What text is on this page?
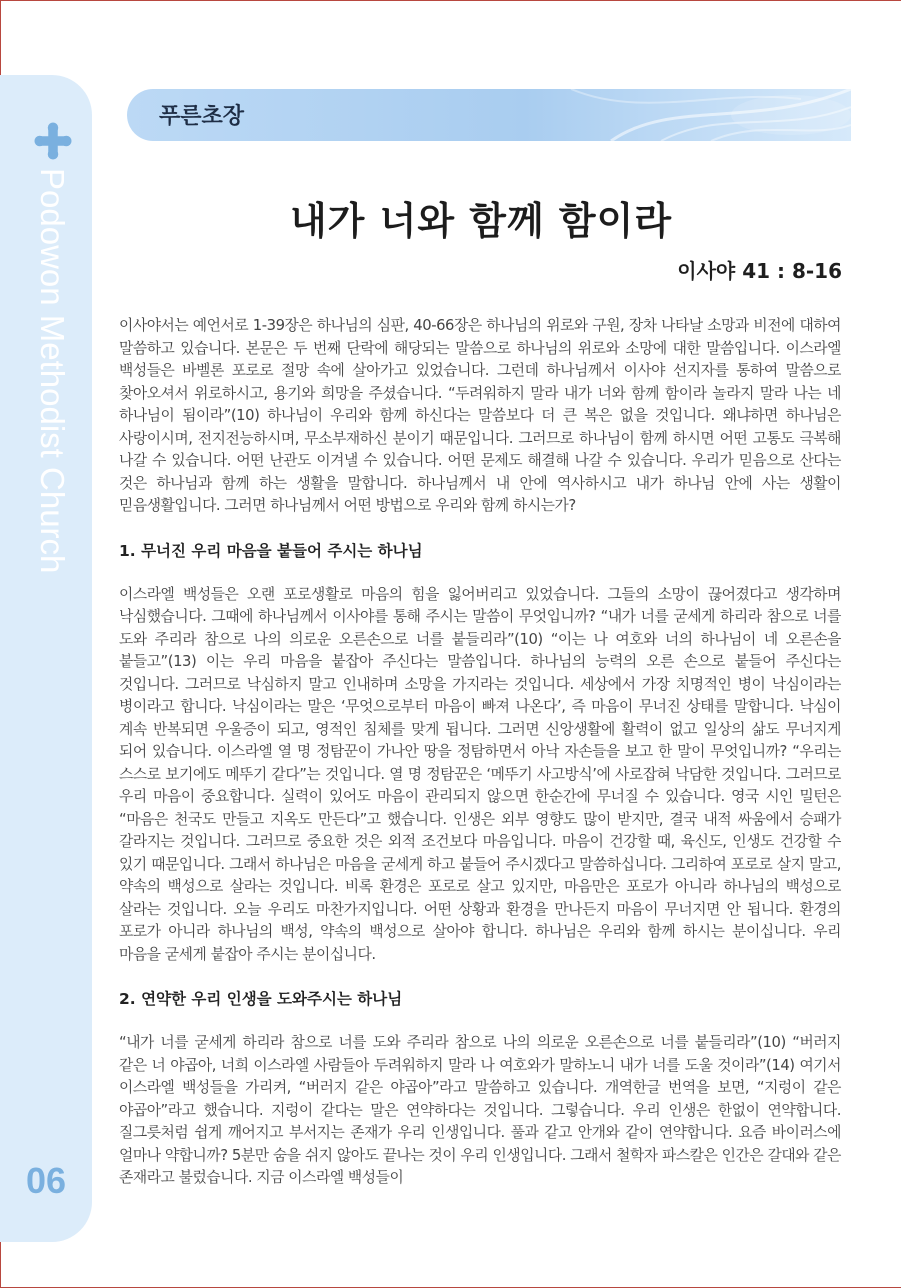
Podowon Methodist Church
06
푸른초장
내가 너와 함께 함이라
이사야 41 : 8-16

이사야서는 예언서로 1-39장은 하나님의 심판, 40-66장은 하나님의 위로와 구원, 장차 나타날 소망과 비전에 대하여 말씀하고 있습니다. 본문은 두 번째 단락에 해당되는 말씀으로 하나님의 위로와 소망에 대한 말씀입니다. 이스라엘 백성들은 바벨론 포로로 절망 속에 살아가고 있었습니다. 그런데 하나님께서 이사야 선지자를 통하여 말씀으로 찾아오셔서 위로하시고, 용기와 희망을 주셨습니다. “두려워하지 말라 내가 너와 함께 함이라 놀라지 말라 나는 네 하나님이 됨이라”(10) 하나님이 우리와 함께 하신다는 말씀보다 더 큰 복은 없을 것입니다. 왜냐하면 하나님은 사랑이시며, 전지전능하시며, 무소부재하신 분이기 때문입니다. 그러므로 하나님이 함께 하시면 어떤 고통도 극복해 나갈 수 있습니다. 어떤 난관도 이겨낼 수 있습니다. 어떤 문제도 해결해 나갈 수 있습니다. 우리가 믿음으로 산다는 것은 하나님과 함께 하는 생활을 말합니다. 하나님께서 내 안에 역사하시고 내가 하나님 안에 사는 생활이 믿음생활입니다. 그러면 하나님께서 어떤 방법으로 우리와 함께 하시는가?

1. 무너진 우리 마음을 붙들어 주시는 하나님

이스라엘 백성들은 오랜 포로생활로 마음의 힘을 잃어버리고 있었습니다. 그들의 소망이 끊어졌다고 생각하며 낙심했습니다. 그때에 하나님께서 이사야를 통해 주시는 말씀이 무엇입니까? “내가 너를 굳세게 하리라 참으로 너를 도와 주리라 참으로 나의 의로운 오른손으로 너를 붙들리라”(10) “이는 나 여호와 너의 하나님이 네 오른손을 붙들고”(13) 이는 우리 마음을 붙잡아 주신다는 말씀입니다. 하나님의 능력의 오른 손으로 붙들어 주신다는 것입니다. 그러므로 낙심하지 말고 인내하며 소망을 가지라는 것입니다. 세상에서 가장 치명적인 병이 낙심이라는 병이라고 합니다. 낙심이라는 말은 ‘무엇으로부터 마음이 빠져 나온다’, 즉 마음이 무너진 상태를 말합니다. 낙심이 계속 반복되면 우울증이 되고, 영적인 침체를 맞게 됩니다. 그러면 신앙생활에 활력이 없고 일상의 삶도 무너지게 되어 있습니다. 이스라엘 열 명 정탐꾼이 가나안 땅을 정탐하면서 아낙 자손들을 보고 한 말이 무엇입니까? “우리는 스스로 보기에도 메뚜기 같다”는 것입니다. 열 명 정탐꾼은 ‘메뚜기 사고방식’에 사로잡혀 낙담한 것입니다. 그러므로 우리 마음이 중요합니다. 실력이 있어도 마음이 관리되지 않으면 한순간에 무너질 수 있습니다. 영국 시인 밀턴은 “마음은 천국도 만들고 지옥도 만든다”고 했습니다. 인생은 외부 영향도 많이 받지만, 결국 내적 싸움에서 승패가 갈라지는 것입니다. 그러므로 중요한 것은 외적 조건보다 마음입니다. 마음이 건강할 때, 육신도, 인생도 건강할 수 있기 때문입니다. 그래서 하나님은 마음을 굳세게 하고 붙들어 주시겠다고 말씀하십니다. 그리하여 포로로 살지 말고, 약속의 백성으로 살라는 것입니다. 비록 환경은 포로로 살고 있지만, 마음만은 포로가 아니라 하나님의 백성으로 살라는 것입니다. 오늘 우리도 마찬가지입니다. 어떤 상황과 환경을 만나든지 마음이 무너지면 안 됩니다. 환경의 포로가 아니라 하나님의 백성, 약속의 백성으로 살아야 합니다. 하나님은 우리와 함께 하시는 분이십니다. 우리 마음을 굳세게 붙잡아 주시는 분이십니다.

2. 연약한 우리 인생을 도와주시는 하나님

“내가 너를 굳세게 하리라 참으로 너를 도와 주리라 참으로 나의 의로운 오른손으로 너를 붙들리라”(10) “버러지 같은 너 야곱아, 너희 이스라엘 사람들아 두려워하지 말라 나 여호와가 말하노니 내가 너를 도울 것이라”(14) 여기서 이스라엘 백성들을 가리켜, “버러지 같은 야곱아”라고 말씀하고 있습니다. 개역한글 번역을 보면, “지렁이 같은 야곱아”라고 했습니다. 지렁이 같다는 말은 연약하다는 것입니다. 그렇습니다. 우리 인생은 한없이 연약합니다. 질그릇처럼 쉽게 깨어지고 부서지는 존재가 우리 인생입니다. 풀과 같고 안개와 같이 연약합니다. 요즘 바이러스에 얼마나 약합니까? 5분만 숨을 쉬지 않아도 끝나는 것이 우리 인생입니다. 그래서 철학자 파스칼은 인간은 갈대와 같은 존재라고 불렀습니다. 지금 이스라엘 백성들이
